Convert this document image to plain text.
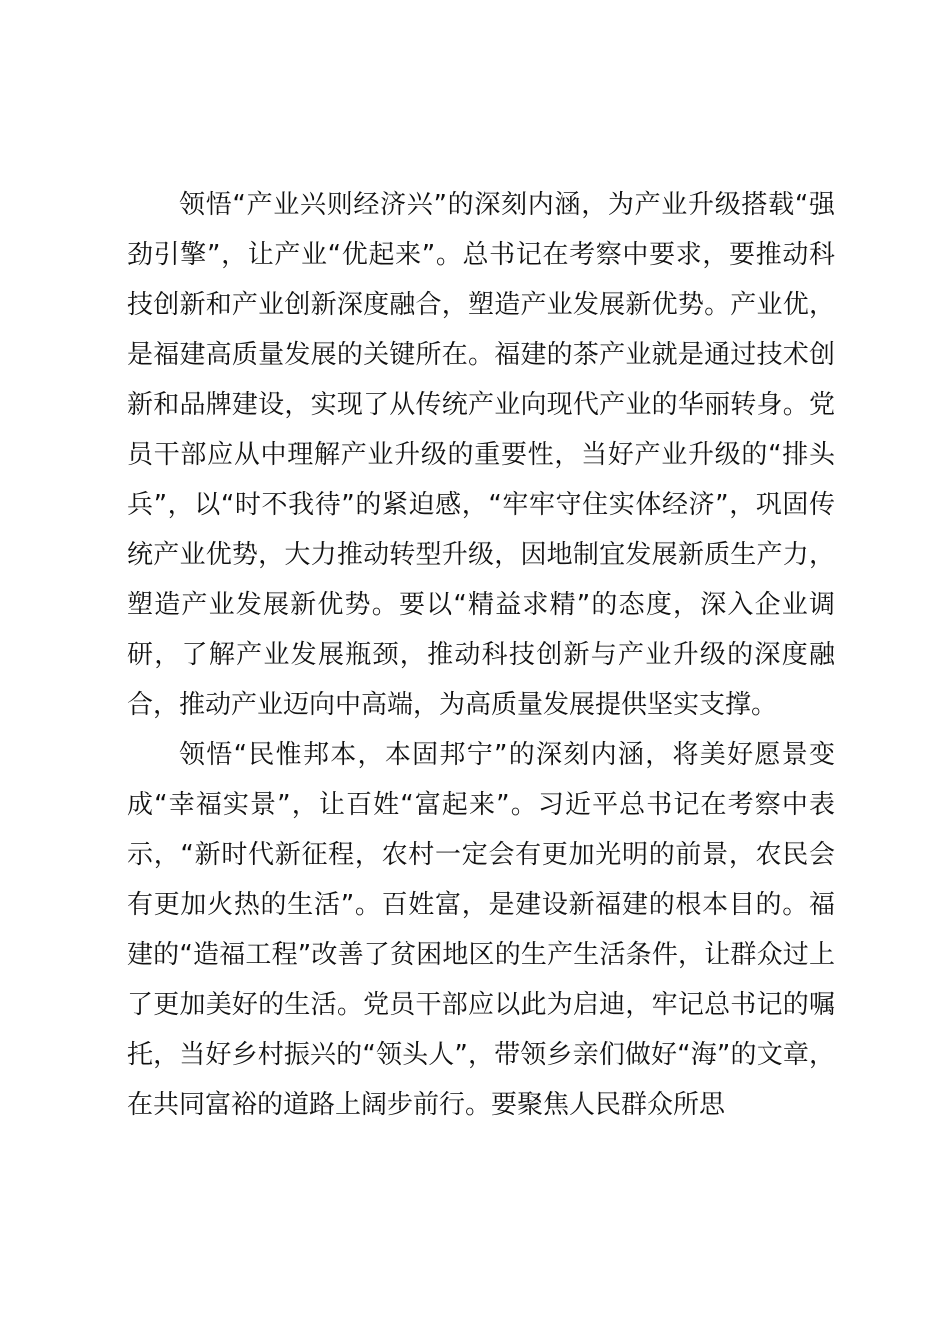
领悟“产业兴则经济兴”的深刻内涵，为产业升级搭载“强劲引擎”，让产业“优起来”。总书记在考察中要求，要推动科技创新和产业创新深度融合，塑造产业发展新优势。产业优，是福建高质量发展的关键所在。福建的茶产业就是通过技术创新和品牌建设，实现了从传统产业向现代产业的华丽转身。党员干部应从中理解产业升级的重要性，当好产业升级的“排头兵”，以“时不我待”的紧迫感，“牢牢守住实体经济”，巩固传统产业优势，大力推动转型升级，因地制宜发展新质生产力，塑造产业发展新优势。要以“精益求精”的态度，深入企业调研，了解产业发展瓶颈，推动科技创新与产业升级的深度融合，推动产业迈向中高端，为高质量发展提供坚实支撑。

领悟“民惟邦本，本固邦宁”的深刻内涵，将美好愿景变成“幸福实景”，让百姓“富起来”。习近平总书记在考察中表示，“新时代新征程，农村一定会有更加光明的前景，农民会有更加火热的生活”。百姓富，是建设新福建的根本目的。福建的“造福工程”改善了贫困地区的生产生活条件，让群众过上了更加美好的生活。党员干部应以此为启迪，牢记总书记的嘱托，当好乡村振兴的“领头人”，带领乡亲们做好“海”的文章，在共同富裕的道路上阔步前行。要聚焦人民群众所思
